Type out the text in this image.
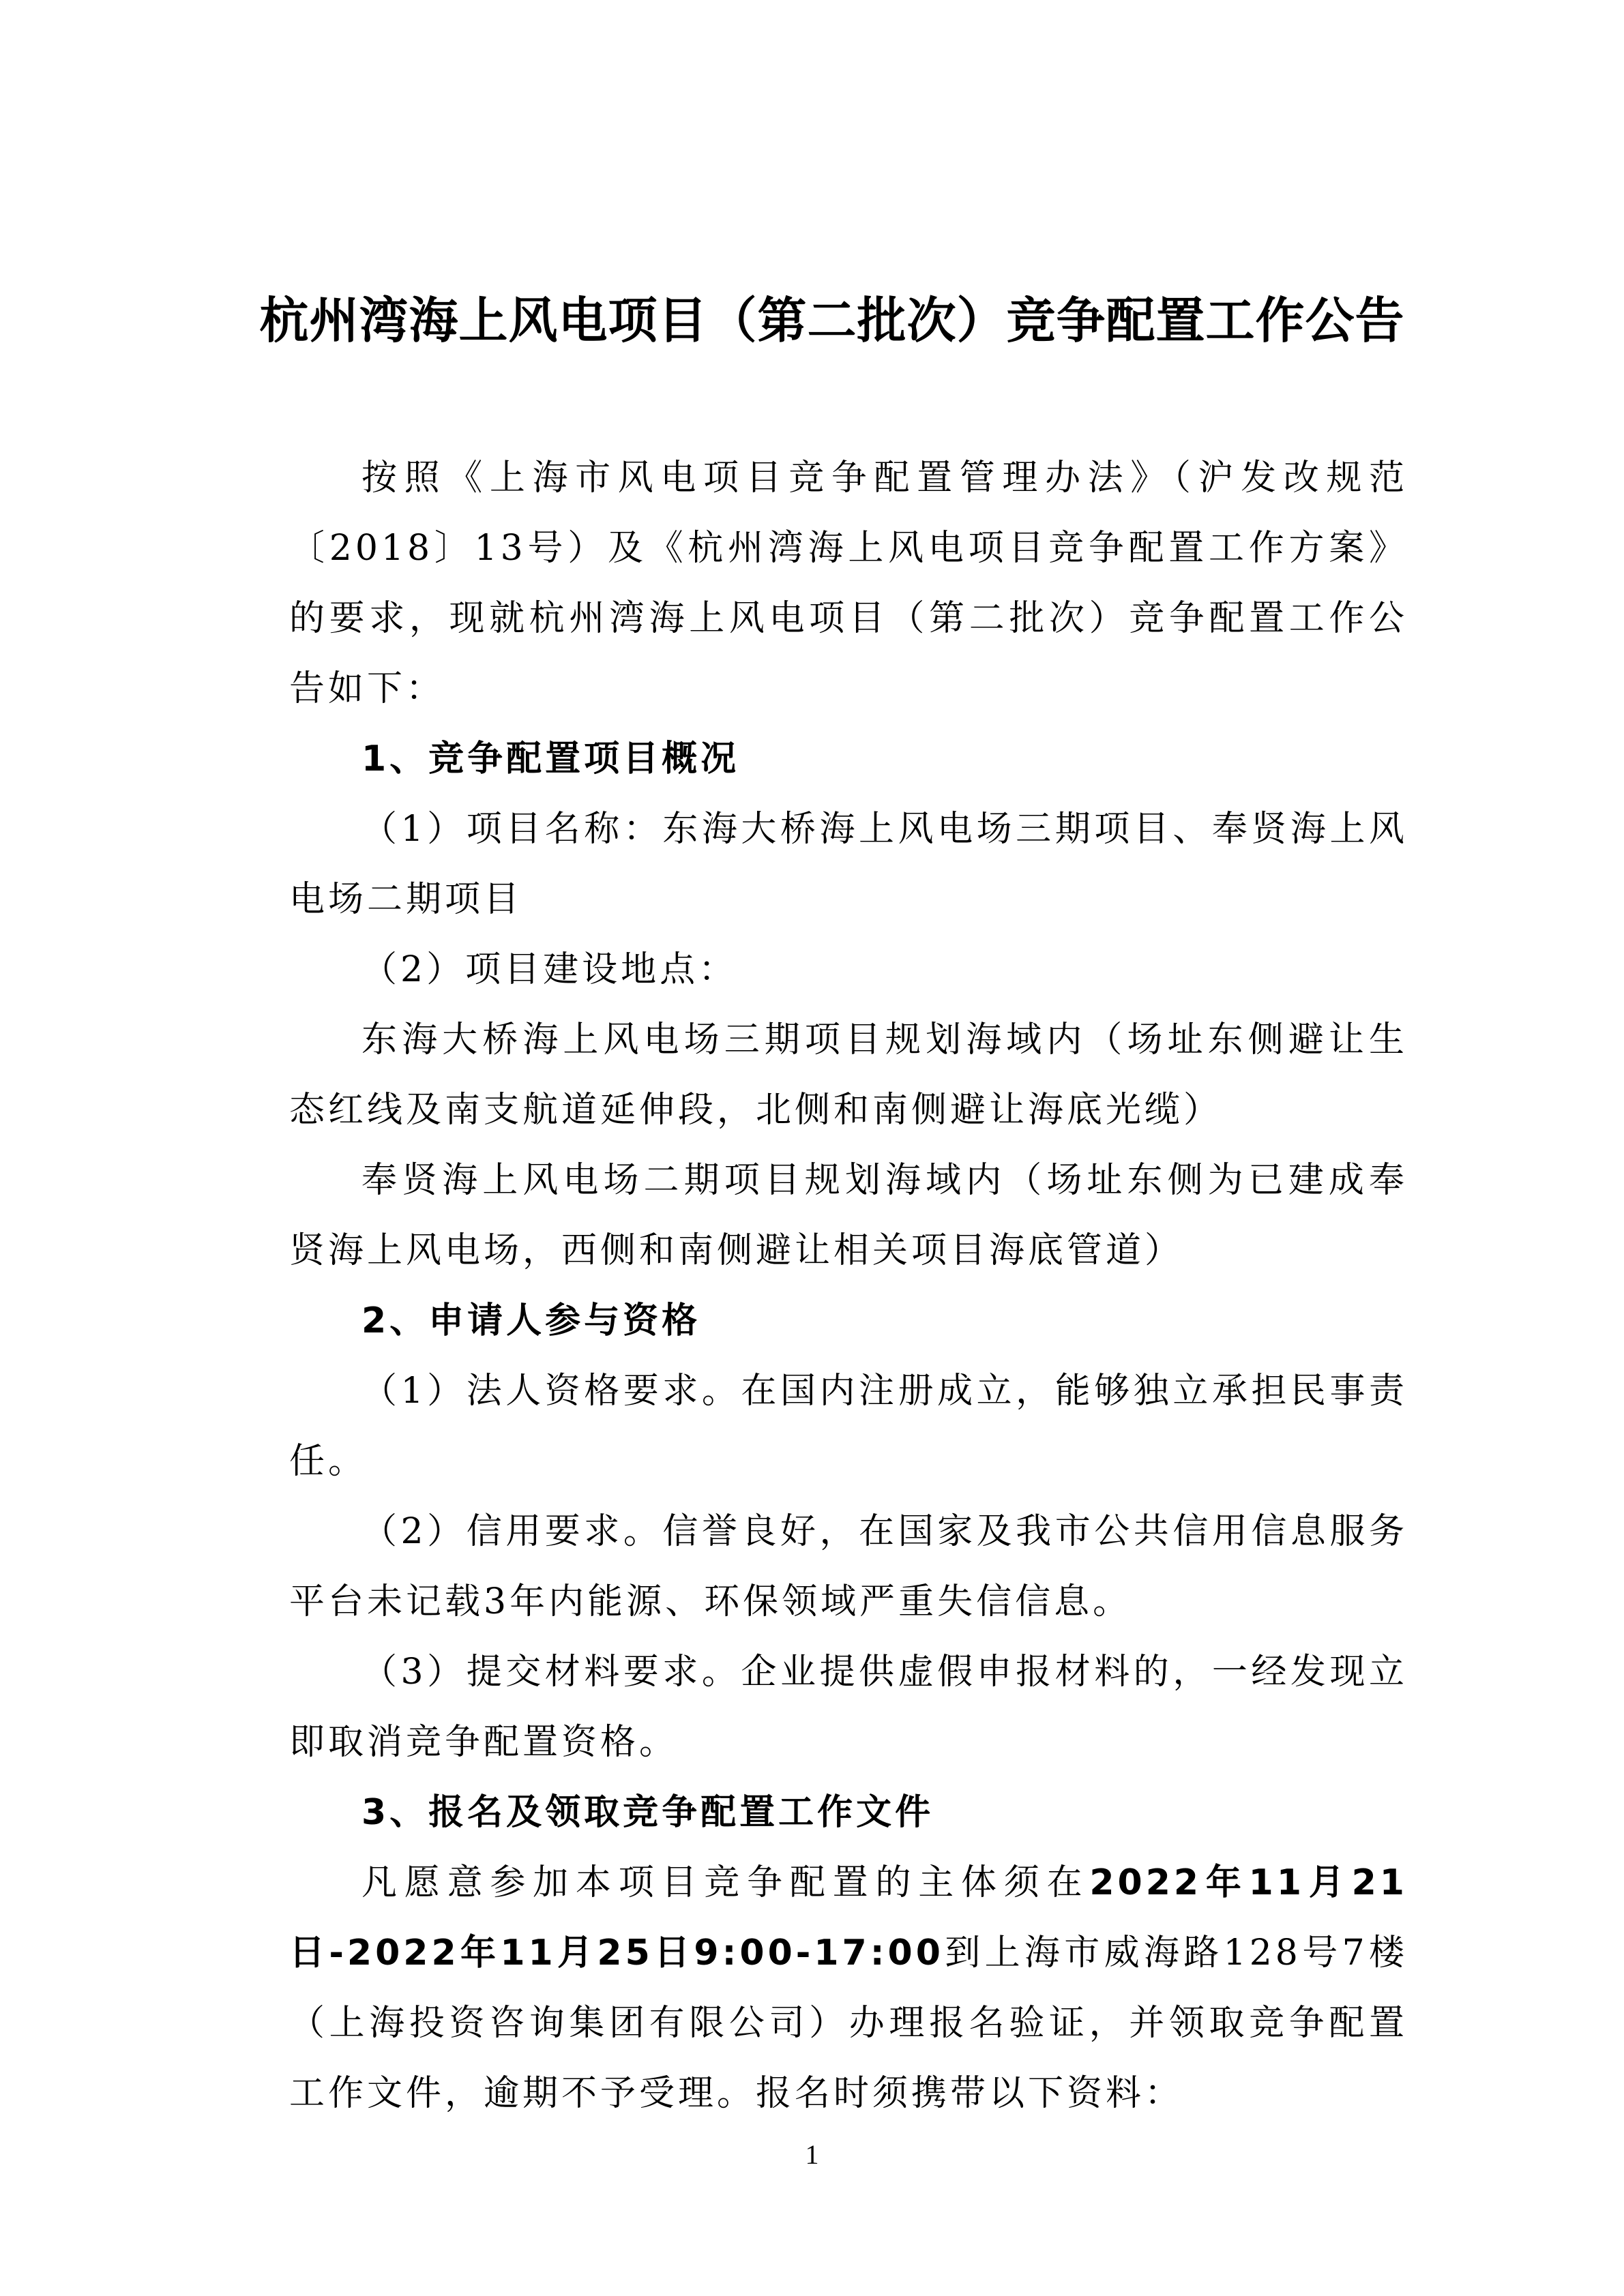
杭州湾海上风电项目（第二批次）竞争配置工作公告

按照《上海市风电项目竞争配置管理办法》（沪发改规范〔2018〕13号）及《杭州湾海上风电项目竞争配置工作方案》的要求，现就杭州湾海上风电项目（第二批次）竞争配置工作公告如下：

1、竞争配置项目概况

（1）项目名称：东海大桥海上风电场三期项目、奉贤海上风电场二期项目

（2）项目建设地点：

东海大桥海上风电场三期项目规划海域内（场址东侧避让生态红线及南支航道延伸段，北侧和南侧避让海底光缆）

奉贤海上风电场二期项目规划海域内（场址东侧为已建成奉贤海上风电场，西侧和南侧避让相关项目海底管道）

2、申请人参与资格

（1）法人资格要求。在国内注册成立，能够独立承担民事责任。

（2）信用要求。信誉良好，在国家及我市公共信用信息服务平台未记载3年内能源、环保领域严重失信信息。

（3）提交材料要求。企业提供虚假申报材料的，一经发现立即取消竞争配置资格。

3、报名及领取竞争配置工作文件

凡愿意参加本项目竞争配置的主体须在2022年11月21日-2022年11月25日9:00-17:00到上海市威海路128号7楼（上海投资咨询集团有限公司）办理报名验证，并领取竞争配置工作文件，逾期不予受理。报名时须携带以下资料：

1
